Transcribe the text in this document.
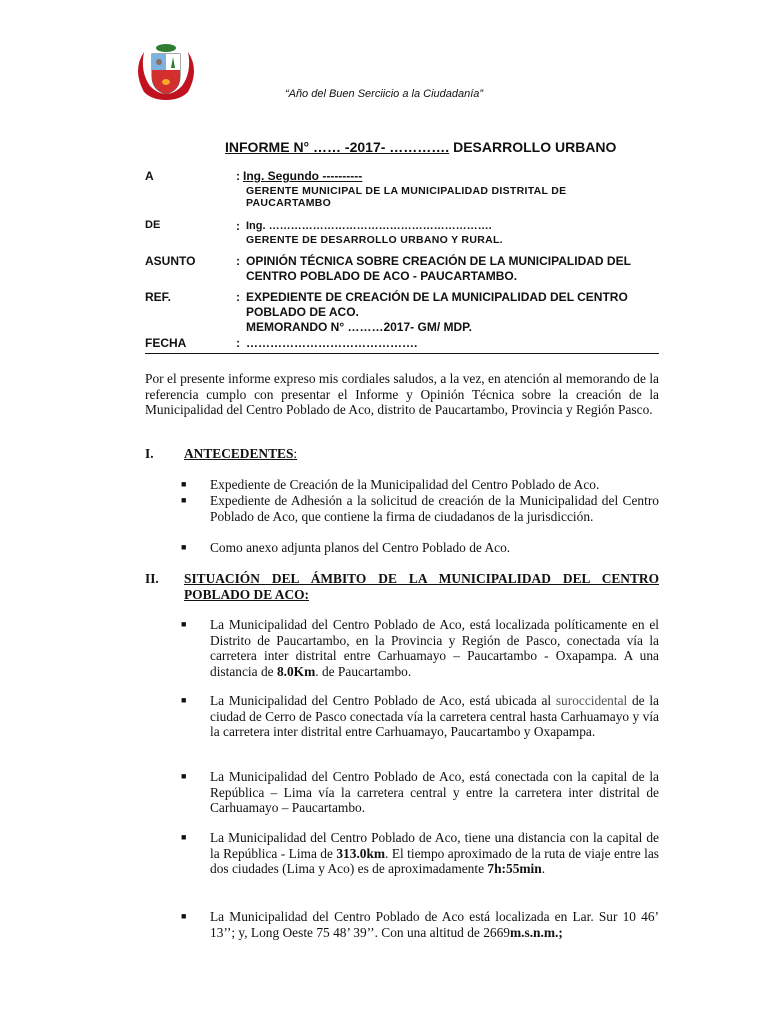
“Año del Buen Serciicio a la Ciudadanía”
INFORME N° …… -2017- …………. DESARROLLO URBANO
A	: Ing. Segundo ----------
GERENTE MUNICIPAL DE LA MUNICIPALIDAD DISTRITAL DE
PAUCARTAMBO
DE	: Ing. …………………………………………………….
GERENTE DE DESARROLLO URBANO Y RURAL.
ASUNTO	: OPINIÓN TÉCNICA SOBRE CREACIÓN DE LA MUNICIPALIDAD DEL
CENTRO POBLADO DE ACO - PAUCARTAMBO.
REF.	: EXPEDIENTE DE CREACIÓN DE LA MUNICIPALIDAD DEL CENTRO
POBLADO DE ACO.
MEMORANDO N° ………2017- GM/ MDP.
FECHA	: …………………………………….
Por el presente informe expreso mis cordiales saludos, a la vez, en atención al memorando de la referencia cumplo con presentar el Informe y Opinión Técnica sobre la creación de la Municipalidad del Centro Poblado de Aco, distrito de Paucartambo, Provincia y Región Pasco.
I. ANTECEDENTES:
■ Expediente de Creación de la Municipalidad del Centro Poblado de Aco.
■ Expediente de Adhesión a la solicitud de creación de la Municipalidad del Centro Poblado de Aco, que contiene la firma de ciudadanos de la jurisdicción.
■ Como anexo adjunta planos del Centro Poblado de Aco.
II. SITUACIÓN DEL ÁMBITO DE LA MUNICIPALIDAD DEL CENTRO POBLADO DE ACO:
■ La Municipalidad del Centro Poblado de Aco, está localizada políticamente en el Distrito de Paucartambo, en la Provincia y Región de Pasco, conectada vía la carretera inter distrital entre Carhuamayo – Paucartambo - Oxapampa. A una distancia de 8.0Km. de Paucartambo.
■ La Municipalidad del Centro Poblado de Aco, está ubicada al suroccidental de la ciudad de Cerro de Pasco conectada vía la carretera central hasta Carhuamayo y vía la carretera inter distrital entre Carhuamayo, Paucartambo y Oxapampa.
■ La Municipalidad del Centro Poblado de Aco, está conectada con la capital de la República – Lima vía la carretera central y entre la carretera inter distrital de Carhuamayo – Paucartambo.
■ La Municipalidad del Centro Poblado de Aco, tiene una distancia con la capital de la República - Lima de 313.0km. El tiempo aproximado de la ruta de viaje entre las dos ciudades (Lima y Aco) es de aproximadamente 7h:55min.
■ La Municipalidad del Centro Poblado de Aco está localizada en Lar. Sur 10 46’ 13’’; y, Long Oeste 75 48’ 39’’. Con una altitud de 2669m.s.n.m.;
